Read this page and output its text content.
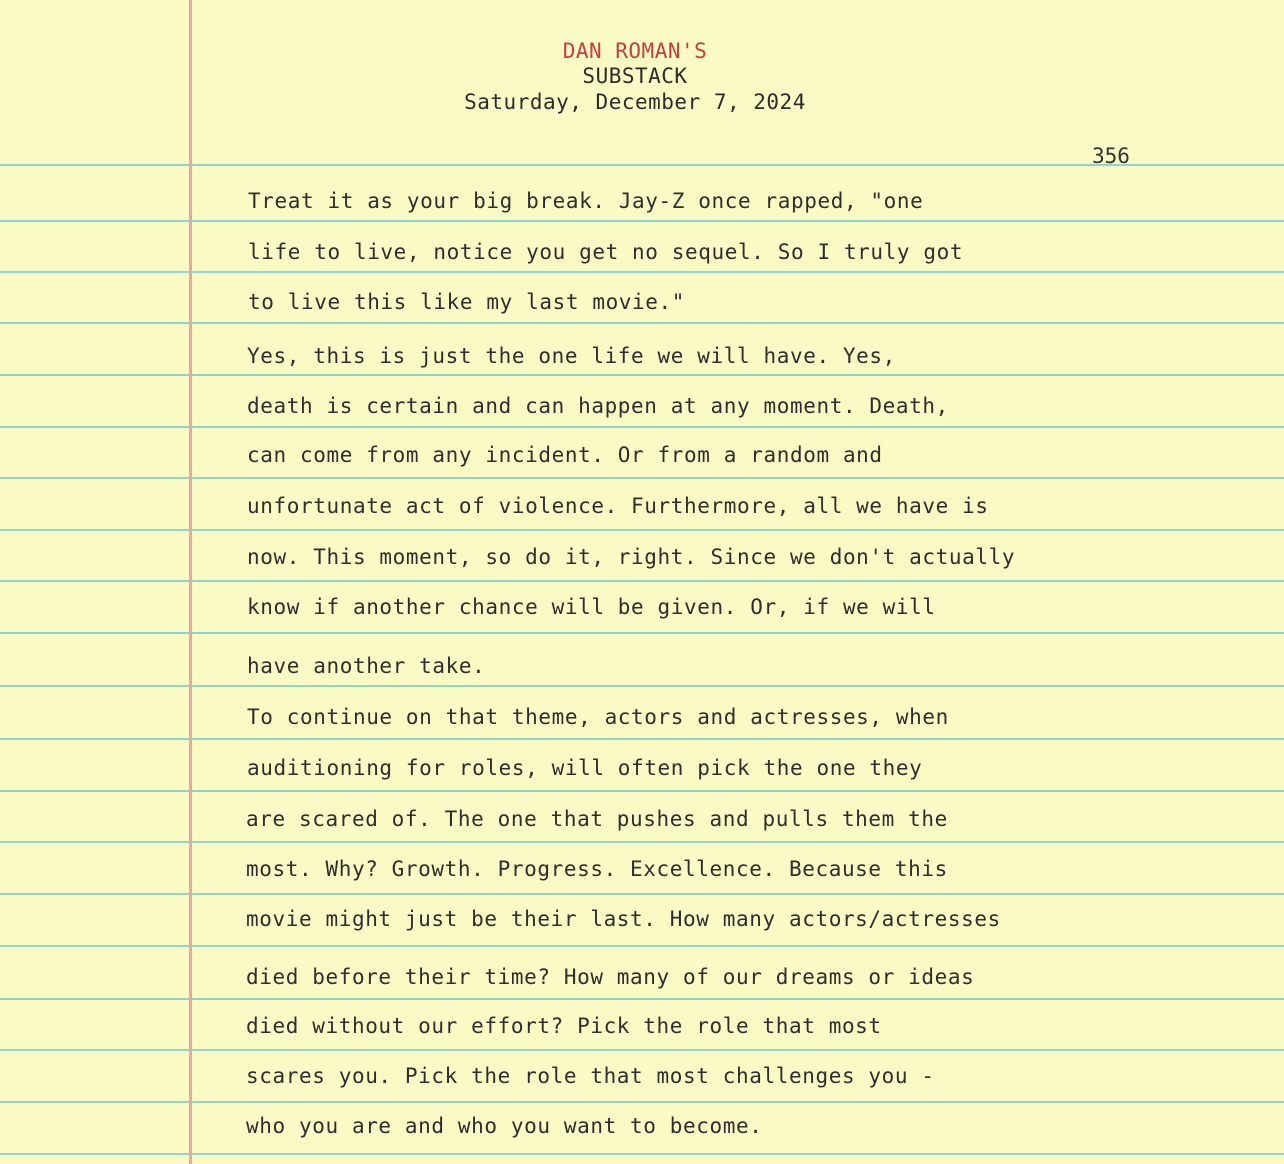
DAN ROMAN'S
SUBSTACK
Saturday, December 7, 2024
356
Treat it as your big break. Jay-Z once rapped, "one
life to live, notice you get no sequel. So I truly got
to live this like my last movie."
Yes, this is just the one life we will have. Yes,
death is certain and can happen at any moment. Death,
can come from any incident. Or from a random and
unfortunate act of violence. Furthermore, all we have is
now. This moment, so do it, right. Since we don't actually
know if another chance will be given. Or, if we will
have another take.
To continue on that theme, actors and actresses, when
auditioning for roles, will often pick the one they
are scared of. The one that pushes and pulls them the
most. Why? Growth. Progress. Excellence. Because this
movie might just be their last. How many actors/actresses
died before their time? How many of our dreams or ideas
died without our effort? Pick the role that most
scares you. Pick the role that most challenges you -
who you are and who you want to become.
